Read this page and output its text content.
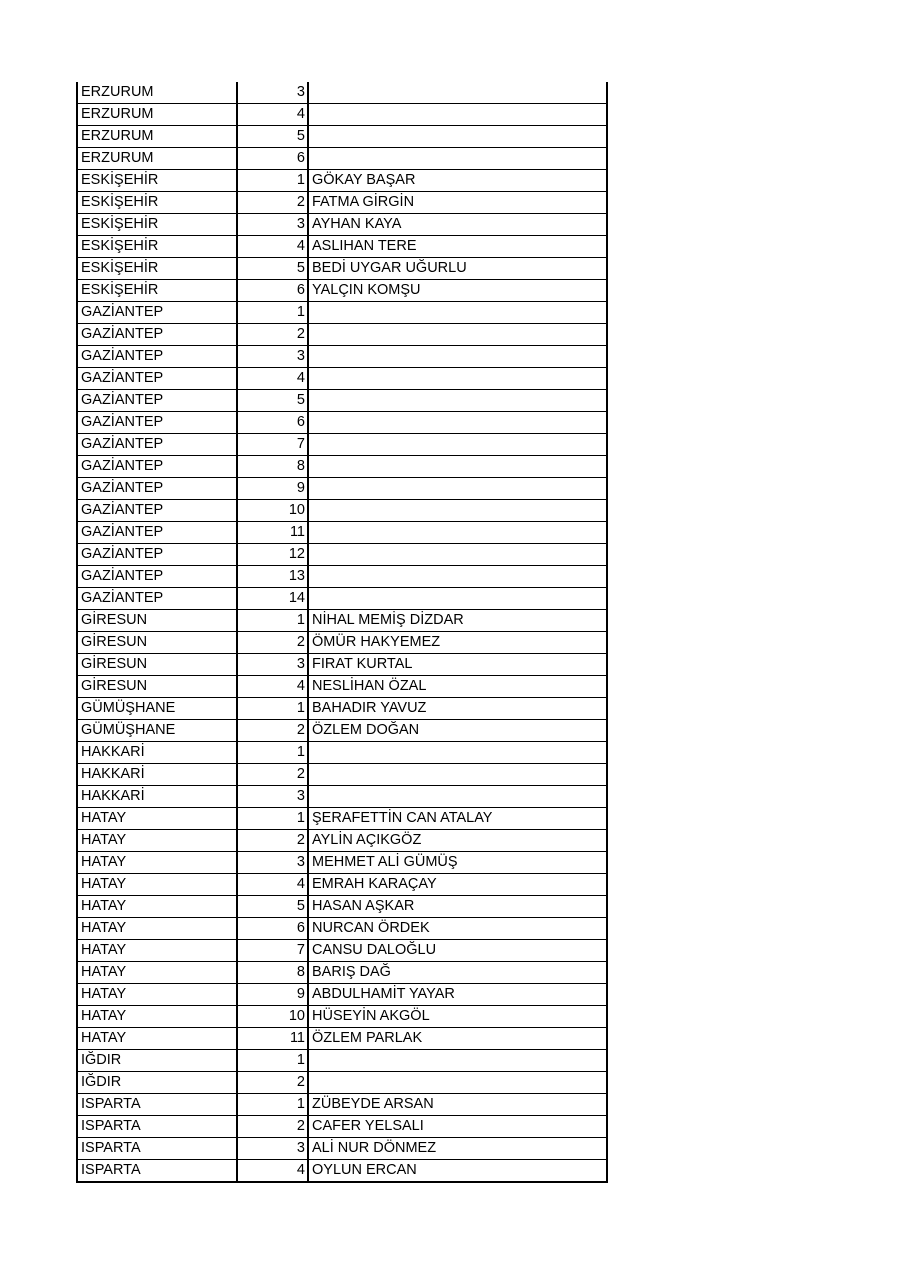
ERZURUM	3	
ERZURUM	4	
ERZURUM	5	
ERZURUM	6	
ESKİŞEHİR	1	GÖKAY BAŞAR
ESKİŞEHİR	2	FATMA GİRGİN
ESKİŞEHİR	3	AYHAN KAYA
ESKİŞEHİR	4	ASLIHAN TERE
ESKİŞEHİR	5	BEDİ UYGAR UĞURLU
ESKİŞEHİR	6	YALÇIN KOMŞU
GAZİANTEP	1	
GAZİANTEP	2	
GAZİANTEP	3	
GAZİANTEP	4	
GAZİANTEP	5	
GAZİANTEP	6	
GAZİANTEP	7	
GAZİANTEP	8	
GAZİANTEP	9	
GAZİANTEP	10	
GAZİANTEP	11	
GAZİANTEP	12	
GAZİANTEP	13	
GAZİANTEP	14	
GİRESUN	1	NİHAL MEMİŞ DİZDAR
GİRESUN	2	ÖMÜR HAKYEMEZ
GİRESUN	3	FIRAT KURTAL
GİRESUN	4	NESLİHAN ÖZAL
GÜMÜŞHANE	1	BAHADIR YAVUZ
GÜMÜŞHANE	2	ÖZLEM DOĞAN
HAKKARİ	1	
HAKKARİ	2	
HAKKARİ	3	
HATAY	1	ŞERAFETTİN CAN ATALAY
HATAY	2	AYLİN AÇIKGÖZ
HATAY	3	MEHMET ALİ GÜMÜŞ
HATAY	4	EMRAH KARAÇAY
HATAY	5	HASAN AŞKAR
HATAY	6	NURCAN ÖRDEK
HATAY	7	CANSU DALOĞLU
HATAY	8	BARIŞ DAĞ
HATAY	9	ABDULHAMİT YAYAR
HATAY	10	HÜSEYİN AKGÖL
HATAY	11	ÖZLEM PARLAK
IĞDIR	1	
IĞDIR	2	
ISPARTA	1	ZÜBEYDE ARSAN
ISPARTA	2	CAFER YELSALI
ISPARTA	3	ALİ NUR DÖNMEZ
ISPARTA	4	OYLUN ERCAN
